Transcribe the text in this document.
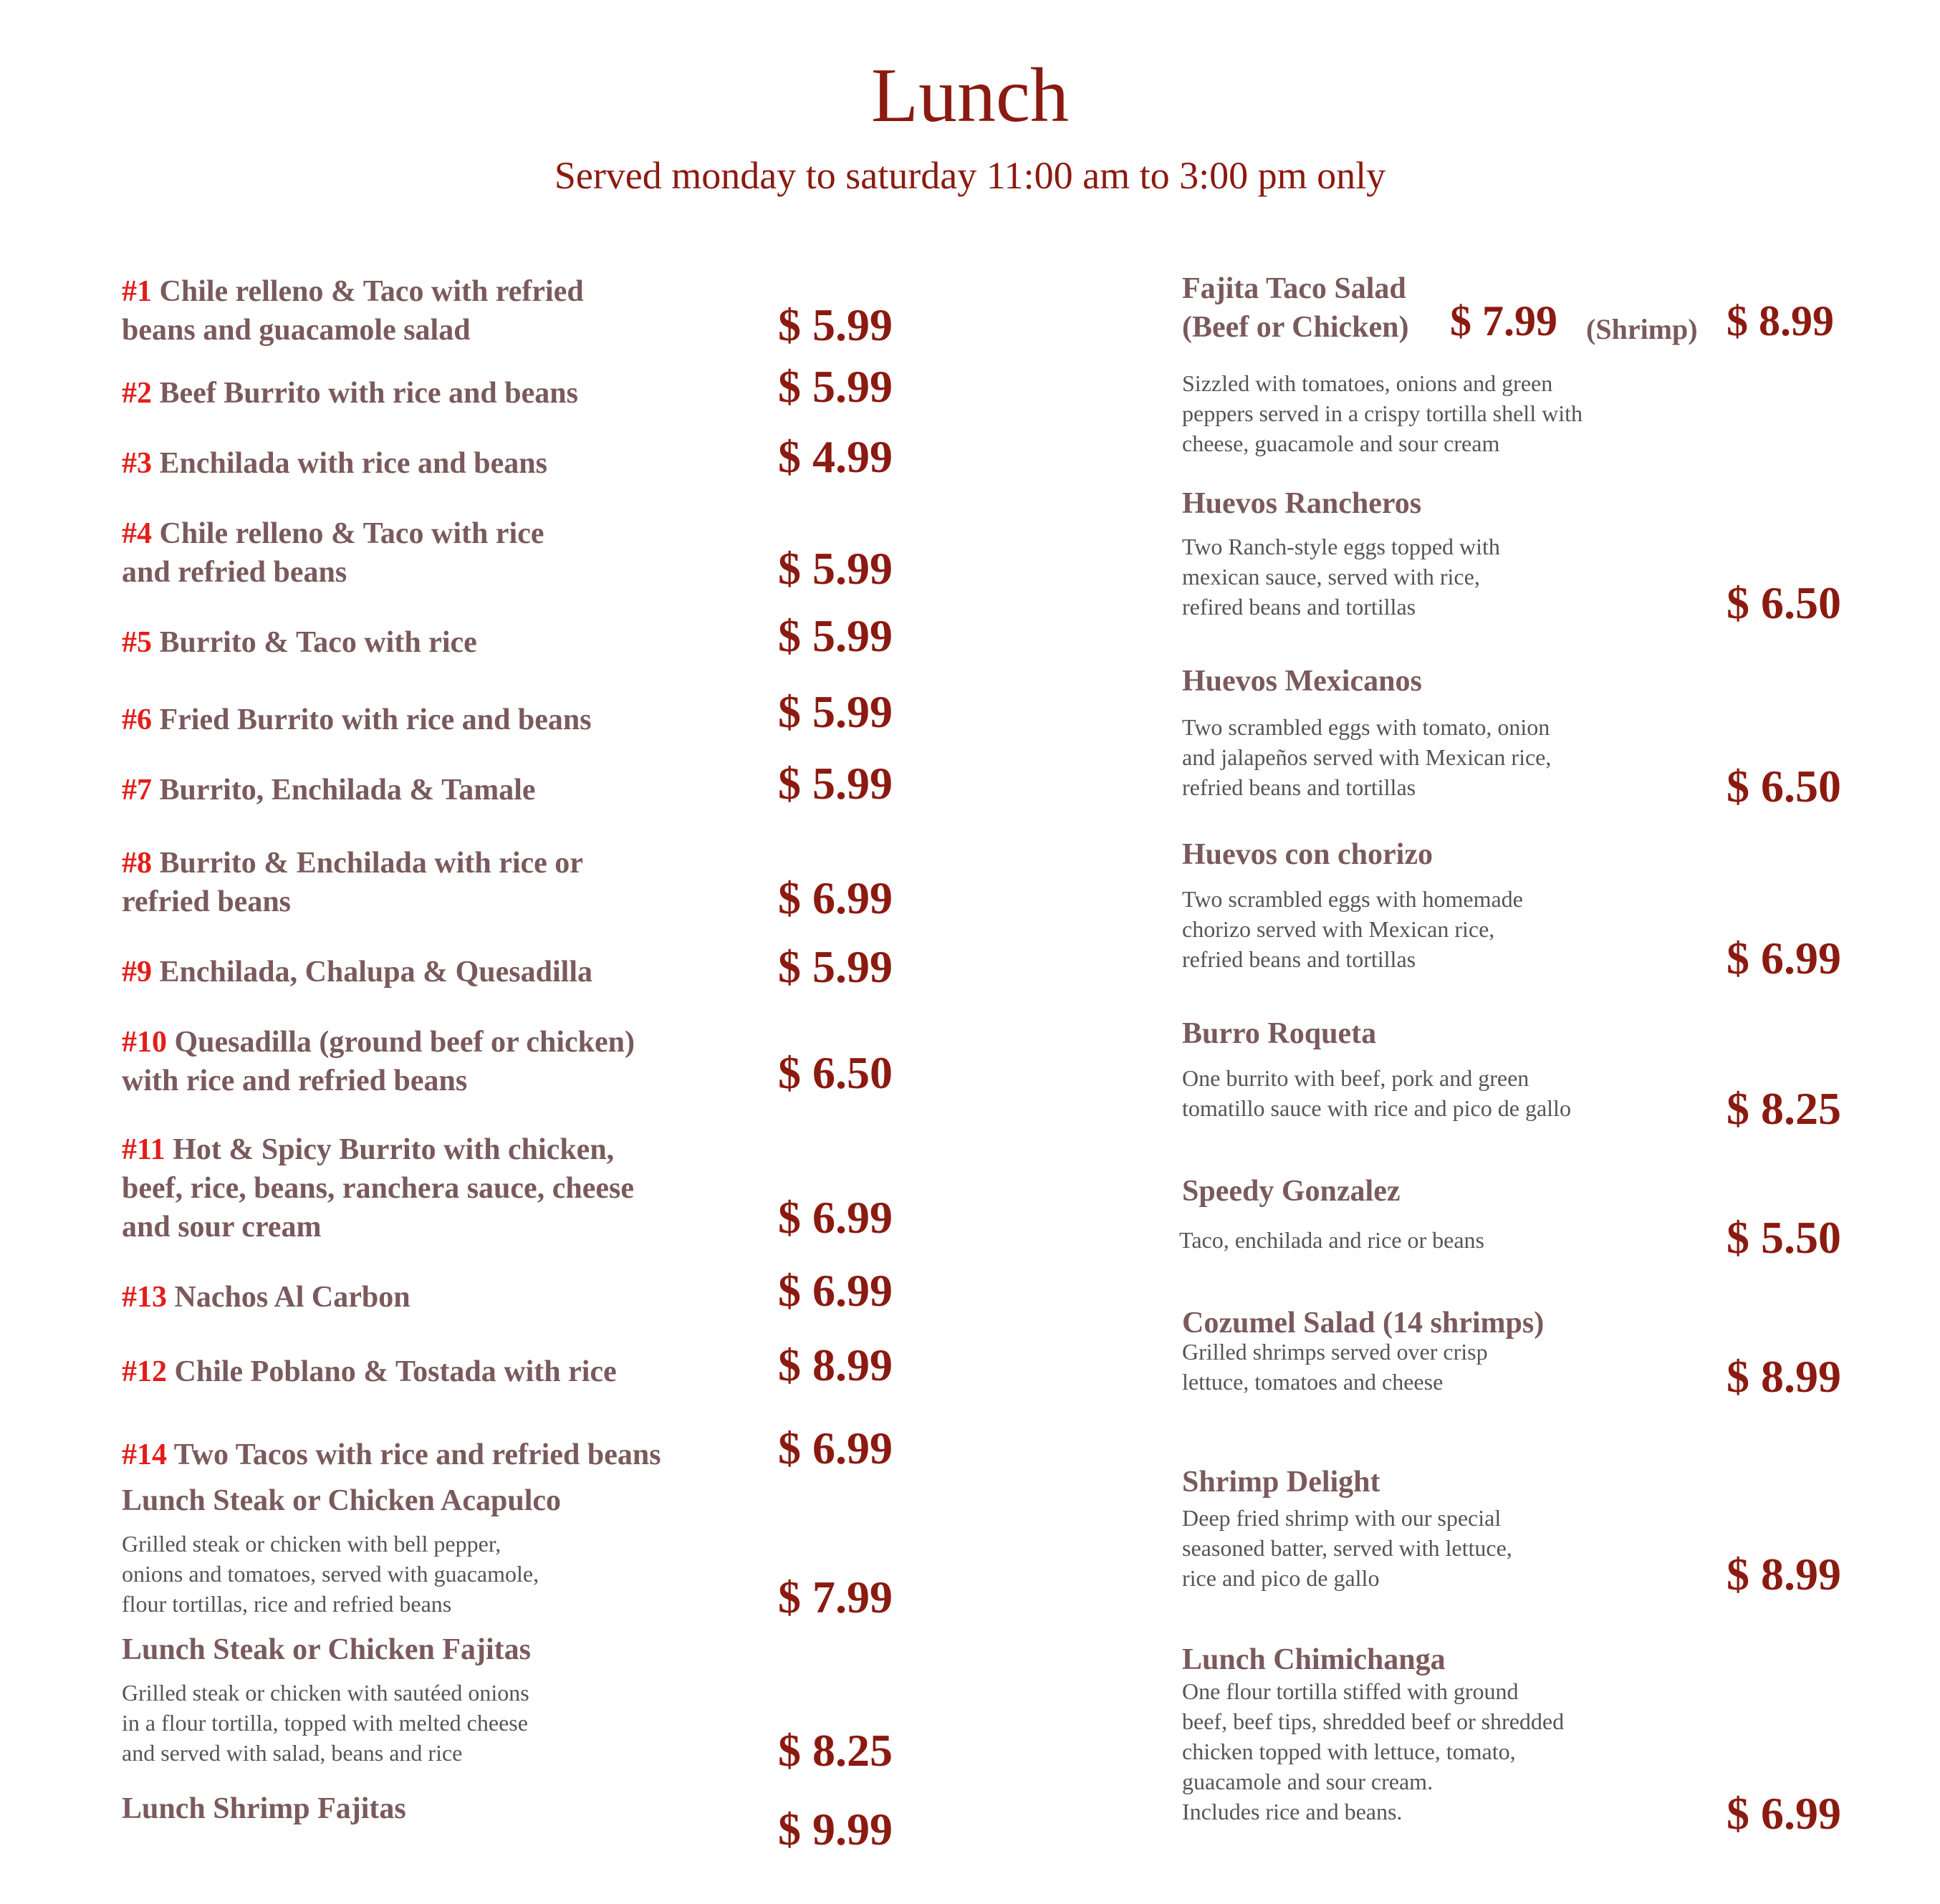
Lunch
Served monday to saturday 11:00 am to 3:00 pm only
#1 Chile relleno & Taco with refried
beans and guacamole salad	$ 5.99
#2 Beef Burrito with rice and beans	$ 5.99
#3 Enchilada with rice and beans	$ 4.99
#4 Chile relleno & Taco with rice
and refried beans	$ 5.99
#5 Burrito & Taco with rice	$ 5.99
#6 Fried Burrito with rice and beans	$ 5.99
#7 Burrito, Enchilada & Tamale	$ 5.99
#8 Burrito & Enchilada with rice or
refried beans	$ 6.99
#9 Enchilada, Chalupa & Quesadilla	$ 5.99
#10 Quesadilla (ground beef or chicken)
with rice and refried beans	$ 6.50
#11 Hot & Spicy Burrito with chicken,
beef, rice, beans, ranchera sauce, cheese
and sour cream	$ 6.99
#13 Nachos Al Carbon	$ 6.99
#12 Chile Poblano & Tostada with rice	$ 8.99
#14 Two Tacos with rice and refried beans	$ 6.99
Lunch Steak or Chicken Acapulco
Grilled steak or chicken with bell pepper,
onions and tomatoes, served with guacamole,
flour tortillas, rice and refried beans	$ 7.99
Lunch Steak or Chicken Fajitas
Grilled steak or chicken with sautéed onions
in a flour tortilla, topped with melted cheese
and served with salad, beans and rice	$ 8.25
Lunch Shrimp Fajitas	$ 9.99
Fajita Taco Salad
(Beef or Chicken) $ 7.99 (Shrimp) $ 8.99
Sizzled with tomatoes, onions and green
peppers served in a crispy tortilla shell with
cheese, guacamole and sour cream
Huevos Rancheros
Two Ranch-style eggs topped with
mexican sauce, served with rice,
refired beans and tortillas	$ 6.50
Huevos Mexicanos
Two scrambled eggs with tomato, onion
and jalapeños served with Mexican rice,
refried beans and tortillas	$ 6.50
Huevos con chorizo
Two scrambled eggs with homemade
chorizo served with Mexican rice,
refried beans and tortillas	$ 6.99
Burro Roqueta
One burrito with beef, pork and green
tomatillo sauce with rice and pico de gallo	$ 8.25
Speedy Gonzalez
Taco, enchilada and rice or beans	$ 5.50
Cozumel Salad (14 shrimps)
Grilled shrimps served over crisp
lettuce, tomatoes and cheese	$ 8.99
Shrimp Delight
Deep fried shrimp with our special
seasoned batter, served with lettuce,
rice and pico de gallo	$ 8.99
Lunch Chimichanga
One flour tortilla stiffed with ground
beef, beef tips, shredded beef or shredded
chicken topped with lettuce, tomato,
guacamole and sour cream.
Includes rice and beans.	$ 6.99
